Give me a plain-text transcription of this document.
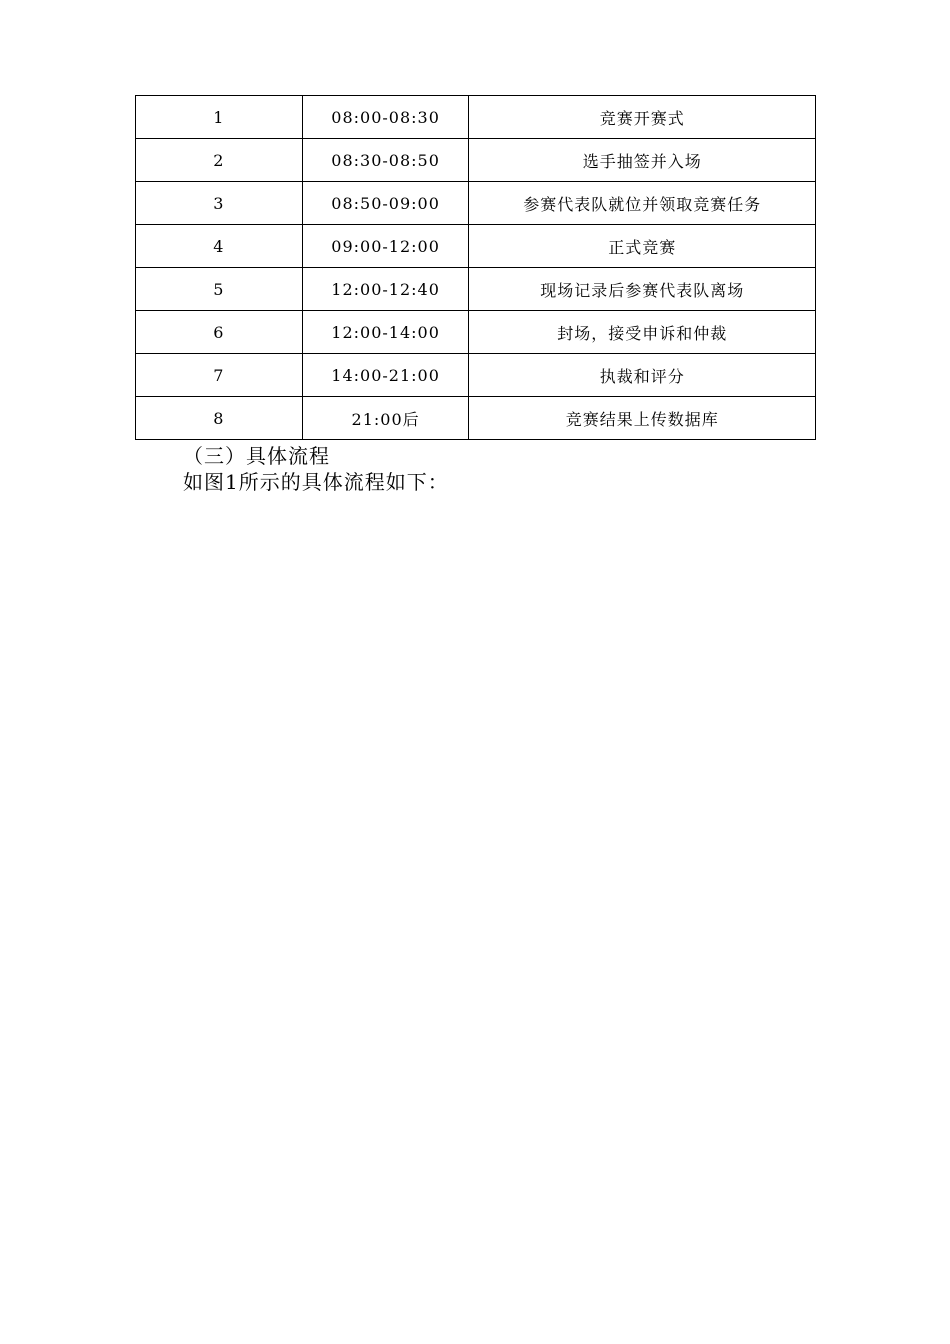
1	08:00-08:30	竞赛开赛式
2	08:30-08:50	选手抽签并入场
3	08:50-09:00	参赛代表队就位并领取竞赛任务
4	09:00-12:00	正式竞赛
5	12:00-12:40	现场记录后参赛代表队离场
6	12:00-14:00	封场，接受申诉和仲裁
7	14:00-21:00	执裁和评分
8	21:00后	竞赛结果上传数据库
（三）具体流程

如图1所示的具体流程如下：
